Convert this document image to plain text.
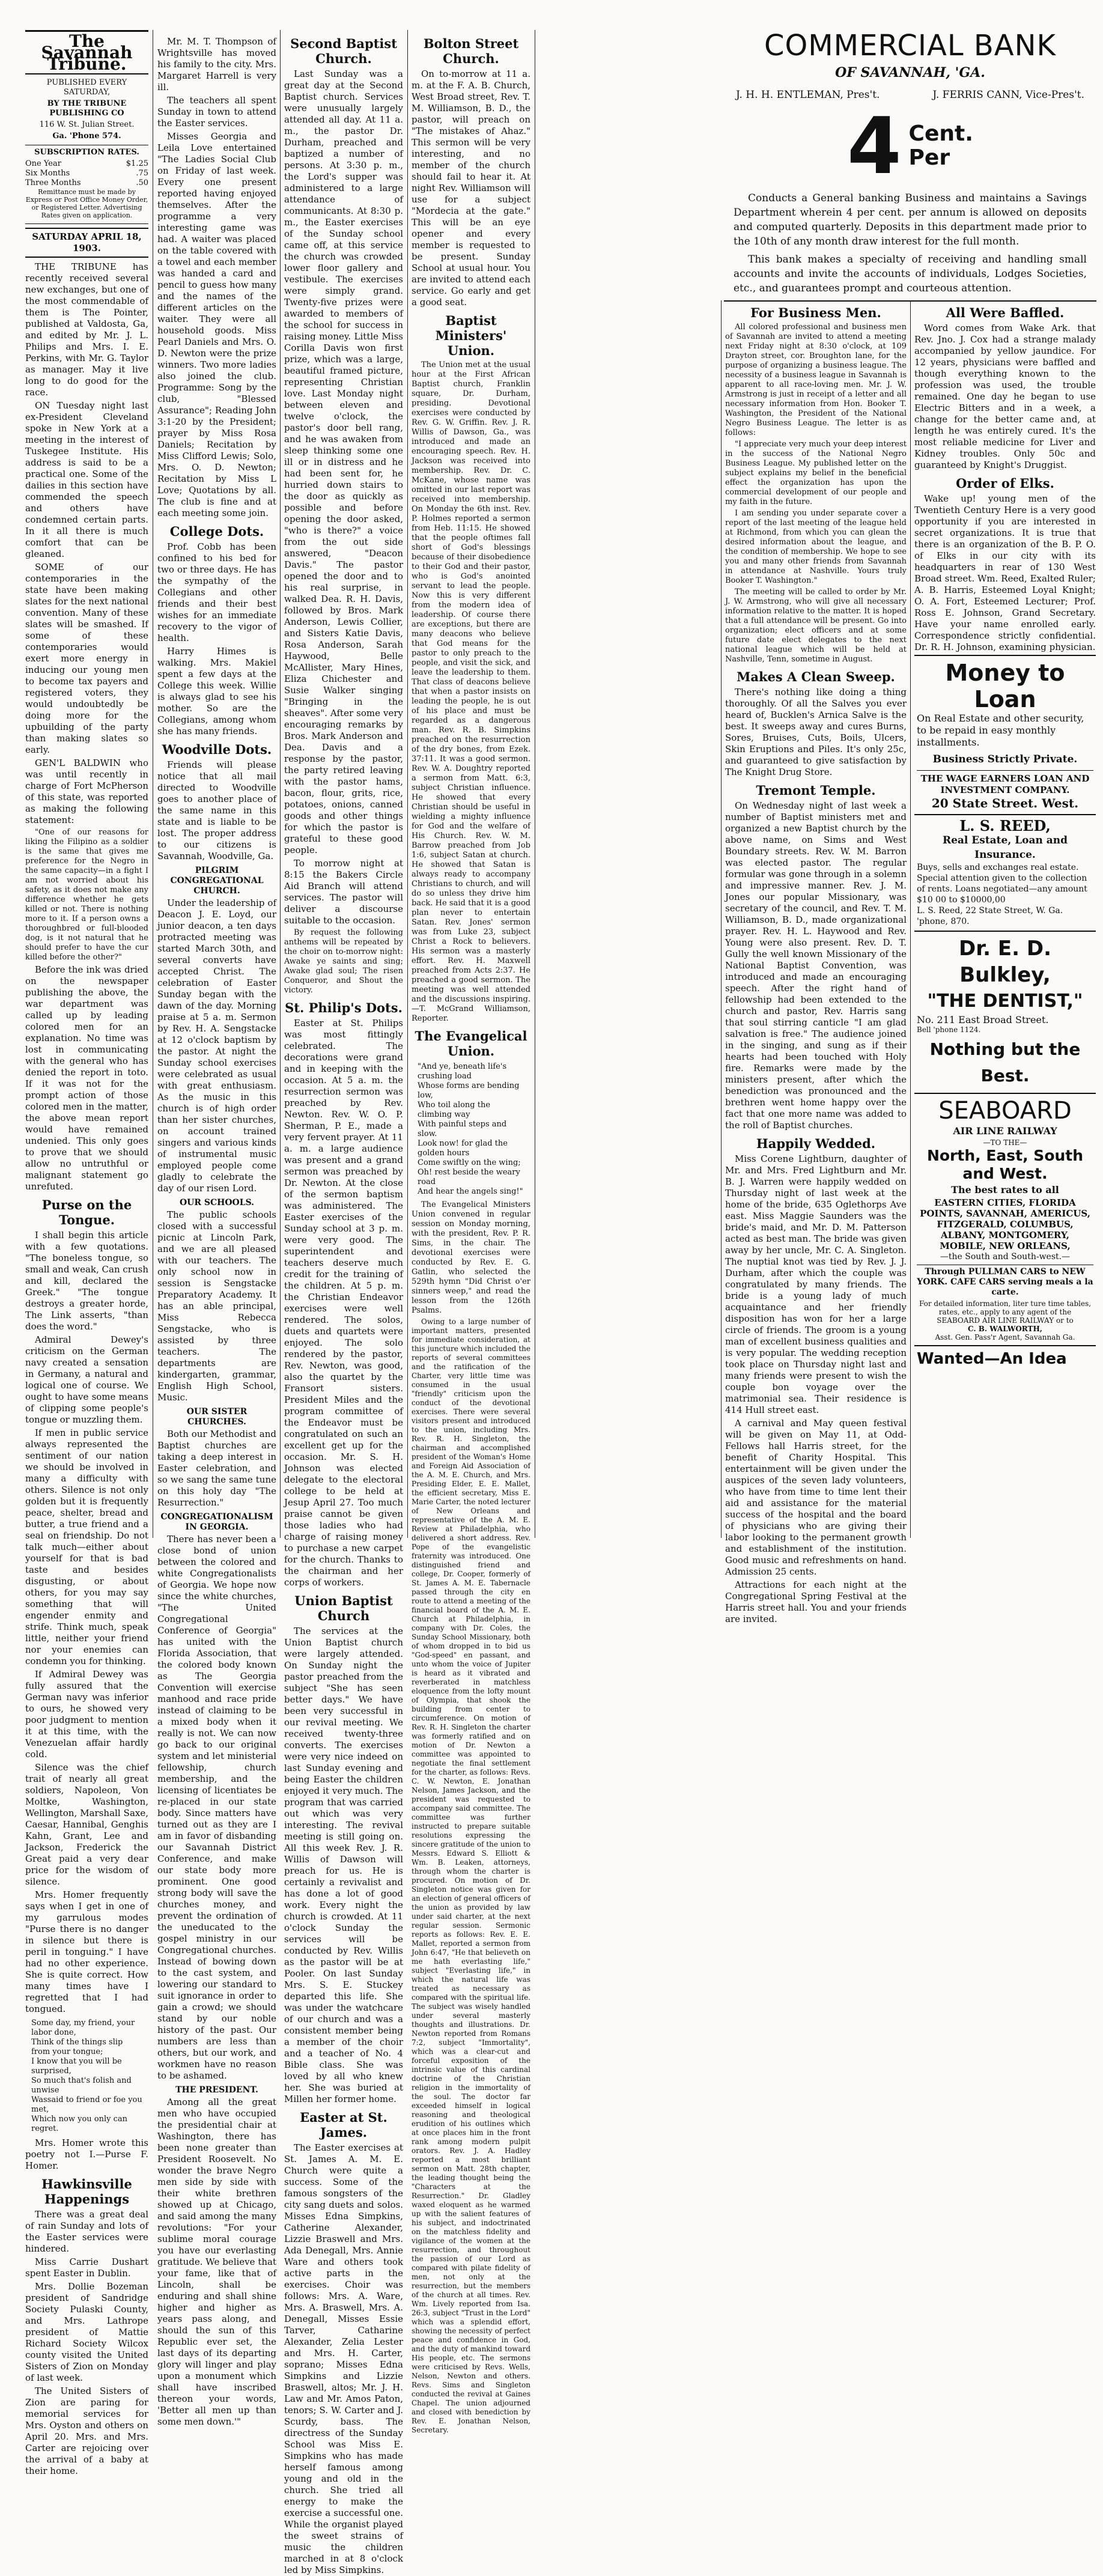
The Savannah Tribune.

PUBLISHED EVERY SATURDAY,

BY THE TRIBUNE PUBLISHING CO

116 W. St. Julian Street.

Ga. 'Phone 574.

SUBSCRIPTION RATES.

One Year	$1.25
Six Months	.75
Three Months	.50

Remittance must be made by Express or Post Office Money Order, or Registered Letter. Advertising Rates given on application.

SATURDAY APRIL 18, 1903.

THE TRIBUNE has recently received several new exchanges, but one of the most commendable of them is The Pointer, published at Valdosta, Ga, and edited by Mr. J. L. Philips and Mrs. I. E. Perkins, with Mr. G. Taylor as manager. May it live long to do good for the race.

ON Tuesday night last ex-President Cleveland spoke in New York at a meeting in the interest of Tuskegee Institute. His address is said to be a practical one. Some of the dailies in this section have commended the speech and others have condemned certain parts. In it all there is much comfort that can be gleaned.

SOME of our contemporaries in the state have been making slates for the next national convention. Many of these slates will be smashed. If some of these contemporaries would exert more energy in inducing our young men to become tax payers and registered voters, they would undoubtedly be doing more for the upbuilding of the party than making slates so early.

GEN'L BALDWIN who was until recently in charge of Fort McPherson of this state, was reported as making the following statement:

"One of our reasons for liking the Filipino as a soldier is the same that gives me preference for the Negro in the same capacity—in a fight I am not worried about his safety, as it does not make any difference whether he gets killed or not. There is nothing more to it. If a person owns a thoroughbred or full-blooded dog, is it not natural that he should prefer to have the cur killed before the other?"

Before the ink was dried on the newspaper publishing the above, the war department was called up by leading colored men for an explanation. No time was lost in communicating with the general who has denied the report in toto. If it was not for the prompt action of those colored men in the matter, the above mean report would have remained undenied. This only goes to prove that we should allow no untruthful or malignant statement go unrefuted.

Purse on the Tongue.

I shall begin this article with a few quotations. "The boneless tongue, so small and weak, Can crush and kill, declared the Greek." "The tongue destroys a greater horde, The Link asserts, "than does the word."

Admiral Dewey's criticism on the German navy created a sensation in Germany, a natural and logical one of course. We ought to have some means of clipping some people's tongue or muzzling them.

If men in public service always represented the sentiment of our nation we should be involved in many a difficulty with others. Silence is not only golden but it is frequently peace, shelter, bread and butter, a true friend and a seal on friendship. Do not talk much—either about yourself for that is bad taste and besides disgusting, or about others, for you may say something that will engender enmity and strife. Think much, speak little, neither your friend nor your enemies can condemn you for thinking.

If Admiral Dewey was fully assured that the German navy was inferior to ours, he showed very poor judgment to mention it at this time, with the Venezuelan affair hardly cold.

Silence was the chief trait of nearly all great soldiers, Napoleon, Von Moltke, Washington, Wellington, Marshall Saxe, Caesar, Hannibal, Genghis Kahn, Grant, Lee and Jackson, Frederick the Great paid a very dear price for the wisdom of silence.

Mrs. Homer frequently says when I get in one of my garrulous modes "Purse there is no danger in silence but there is peril in tonguing." I have had no other experience. She is quite correct. How many times have I regretted that I had tongued.

Some day, my friend, your labor done,
Think of the things slip from your tongue;
I know that you will be surprised,
So much that's folish and unwise
Wassaid to friend or foe you met,
Which now you only can regret.

Mrs. Homer wrote this poetry not I.—Purse F. Homer.

Hawkinsville Happenings

There was a great deal of rain Sunday and lots of the Easter services were hindered.

Miss Carrie Dushart spent Easter in Dublin.

Mrs. Dollie Bozeman president of Sandridge Society Pulaski County, and Mrs. Lathrope president of Mattie Richard Society Wilcox county visited the United Sisters of Zion on Monday of last week.

The United Sisters of Zion are paring for memorial services for Mrs. Oyston and others on April 20. Mrs. and Mrs. Carter are rejoicing over the arrival of a baby at their home.

Mr. M. T. Thompson of Wrightsville has moved his family to the city. Mrs. Margaret Harrell is very ill.

The teachers all spent Sunday in town to attend the Easter services.

Misses Georgia and Leila Love entertained "The Ladies Social Club on Friday of last week. Every one present reported having enjoyed themselves. After the programme a very interesting game was had. A waiter was placed on the table covered with a towel and each member was handed a card and pencil to guess how many and the names of the different articles on the waiter. They were all household goods. Miss Pearl Daniels and Mrs. O. D. Newton were the prize winners. Two more ladies also joined the club. Programme: Song by the club, "Blessed Assurance"; Reading John 3:1-20 by the President; prayer by Miss Rosa Daniels; Recitation by Miss Clifford Lewis; Solo, Mrs. O. D. Newton; Recitation by Miss L Love; Quotations by all. The club is fine and at each meeting some join.

College Dots.

Prof. Cobb has been confined to his bed for two or three days. He has the sympathy of the Collegians and other friends and their best wishes for an immediate recovery to the vigor of health.

Harry Himes is walking. Mrs. Makiel spent a few days at the College this week. Willie is always glad to see his mother. So are the Collegians, among whom she has many friends.

Woodville Dots.

Friends will please notice that all mail directed to Woodville goes to another place of the same name in this state and is liable to be lost. The proper address to our citizens is Savannah, Woodville, Ga.

PILGRIM CONGREGATIONAL CHURCH.

Under the leadership of Deacon J. E. Loyd, our junior deacon, a ten days protracted meeting was started March 30th, and several converts have accepted Christ. The celebration of Easter Sunday began with the dawn of the day. Morning praise at 5 a. m. Sermon by Rev. H. A. Sengstacke at 12 o'clock baptism by the pastor. At night the Sunday school exercises were celebrated as usual with great enthusiasm. As the music in this church is of high order than her sister churches, on account trained singers and various kinds of instrumental music employed people come gladly to celebrate the day of our risen Lord.

OUR SCHOOLS.

The public schools closed with a successful picnic at Lincoln Park, and we are all pleased with our teachers. The only school now in session is Sengstacke Preparatory Academy. It has an able principal, Miss Rebecca Sengstacke, who is assisted by three teachers. The departments are kindergarten, grammar, English High School, Music.

OUR SISTER CHURCHES.

Both our Methodist and Baptist churches are taking a deep interest in Easter celebration, and so we sang the same tune on this holy day "The Resurrection."

CONGREGATIONALISM IN GEORGIA.

There has never been a close bond of union between the colored and white Congregationalists of Georgia. We hope now since the white churches, "The United Congregational Conference of Georgia" has united with the Florida Association, that the colored body known as The Georgia Convention will exercise manhood and race pride instead of claiming to be a mixed body when it really is not. We can now go back to our original system and let ministerial fellowship, church membership, and the licensing of licentiates be re-placed in our state body. Since matters have turned out as they are I am in favor of disbanding our Savannah District Conference, and make our state body more prominent. One good strong body will save the churches money, and prevent the ordination of the uneducated to the gospel ministry in our Congregational churches. Instead of bowing down to the cast system, and lowering our standard to suit ignorance in order to gain a crowd; we should stand by our noble history of the past. Our numbers are less than others, but our work, and workmen have no reason to be ashamed.

THE PRESIDENT.

Among all the great men who have occupied the presidential chair at Washington, there has been none greater than President Roosevelt. No wonder the brave Negro men side by side with their white brethren showed up at Chicago, and said among the many revolutions: "For your sublime moral courage you have our everlasting gratitude. We believe that your fame, like that of Lincoln, shall be enduring and shall shine higher and higher as years pass along, and should the sun of this Republic ever set, the last days of its departing glory will linger and play upon a monument which shall have inscribed thereon your words, 'Better all men up than some men down.'"

Second Baptist Church.

Last Sunday was a great day at the Second Baptist church. Services were unusually largely attended all day. At 11 a. m., the pastor Dr. Durham, preached and baptized a number of persons. At 3:30 p. m., the Lord's supper was administered to a large attendance of communicants. At 8:30 p. m., the Easter exercises of the Sunday school came off, at this service the church was crowded lower floor gallery and vestibule. The exercises were simply grand. Twenty-five prizes were awarded to members of the school for success in raising money. Little Miss Corilla Davis won first prize, which was a large, beautiful framed picture, representing Christian love. Last Monday night between eleven and twelve o'clock, the pastor's door bell rang, and he was awaken from sleep thinking some one ill or in distress and he had been sent for, he hurried down stairs to the door as quickly as possible and before opening the door asked, "who is there?" a voice from the out side answered, "Deacon Davis." The pastor opened the door and to his real surprise, in walked Dea. R. H. Davis, followed by Bros. Mark Anderson, Lewis Collier, and Sisters Katie Davis, Rosa Anderson, Sarah Haywood, Belle McAllister, Mary Hines, Eliza Chichester and Susie Walker singing "Bringing in the sheaves". After some very encouraging remarks by Bros. Mark Anderson and Dea. Davis and a response by the pastor, the party retired leaving with the pastor hams, bacon, flour, grits, rice, potatoes, onions, canned goods and other things for which the pastor is grateful to these good people.

To morrow night at 8:15 the Bakers Circle Aid Branch will attend services. The pastor will deliver a discourse suitable to the occasion.

By request the following anthems will be repeated by the choir on to-morrow night: Awake ye saints and sing; Awake glad soul; The risen Conqueror, and Shout the victory.

St. Philip's Dots.

Easter at St. Philips was most fittingly celebrated. The decorations were grand and in keeping with the occasion. At 5 a. m. the resurrection sermon was preached by Rev. Newton. Rev. W. O. P. Sherman, P. E., made a very fervent prayer. At 11 a. m. a large audience was present and a grand sermon was preached by Dr. Newton. At the close of the sermon baptism was administered. The Easter exercises of the Sunday school at 3 p. m. were very good. The superintendent and teachers deserve much credit for the training of the children. At 5 p. m. the Christian Endeavor exercises were well rendered. The solos, duets and quartets were enjoyed. The solo rendered by the pastor, Rev. Newton, was good, also the quartet by the Fransort sisters. President Miles and the program committee of the Endeavor must be congratulated on such an excellent get up for the occasion. Mr. S. H. Johnson was elected delegate to the electoral college to be held at Jesup April 27. Too much praise cannot be given those ladies who had charge of raising money to purchase a new carpet for the church. Thanks to the chairman and her corps of workers.

Union Baptist Church

The services at the Union Baptist church were largely attended. On Sunday night the pastor preached from the subject "She has seen better days." We have been very successful in our revival meeting. We received twenty-three converts. The exercises were very nice indeed on last Sunday evening and being Easter the children enjoyed it very much. The program that was carried out which was very interesting. The revival meeting is still going on. All this week Rev. J. R. Willis of Dawson will preach for us. He is certainly a revivalist and has done a lot of good work. Every night the church is crowded. At 11 o'clock Sunday the services will be conducted by Rev. Willis as the pastor will be at Pooler. On last Sunday Mrs. S. E. Stuckey departed this life. She was under the watchcare of our church and was a consistent member being a member of the choir and a teacher of No. 4 Bible class. She was loved by all who knew her. She was buried at Millen her former home.

Easter at St. James.

The Easter exercises at St. James A. M. E. Church were quite a success. Some of the famous songsters of the city sang duets and solos. Misses Edna Simpkins, Catherine Alexander, Lizzie Braswell and Mrs. Ada Denegall, Mrs. Annie Ware and others took active parts in the exercises. Choir was follows: Mrs. A. Ware, Mrs. A. Braswell, Mrs. A. Denegall, Misses Essie Tarver, Catharine Alexander, Zelia Lester and Mrs. H. Carter, soprano; Misses Edna Simpkins and Lizzie Braswell, altos; Mr. J. H. Law and Mr. Amos Paton, tenors; S. W. Carter and J. Scurdy, bass. The directress of the Sunday School was Miss E. Simpkins who has made herself famous among young and old in the church. She tried all energy to make the exercise a successful one. While the organist played the sweet strains of music the children marched in at 8 o'clock led by Miss Simpkins.

Bolton Street Church.

On to-morrow at 11 a. m. at the F. A. B. Church, West Broad street, Rev. T. M. Williamson, B. D., the pastor, will preach on "The mistakes of Ahaz." This sermon will be very interesting, and no member of the church should fail to hear it. At night Rev. Williamson will use for a subject "Mordecia at the gate." This will be an eye opener and every member is requested to be present. Sunday School at usual hour. You are invited to attend each service. Go early and get a good seat.

Baptist Ministers' Union.

The Union met at the usual hour at the First African Baptist church, Franklin square, Dr. Durham, presiding. Devotional exercises were conducted by Rev. G. W. Griffin. Rev. J. R. Willis of Dawson, Ga., was introduced and made an encouraging speech. Rev. H. Jackson was received into membership. Rev. Dr. C. McKane, whose name was omitted in our last report was received into membership. On Monday the 6th inst. Rev. P. Holmes reported a sermon from Heb. 11:15. He showed that the people oftimes fall short of God's blessings because of their disobedience to their God and their pastor, who is God's anointed servant to lead the people. Now this is very different from the modern idea of leadership. Of course there are exceptions, but there are many deacons who believe that God means for the pastor to only preach to the people, and visit the sick, and leave the leadership to them. That class of deacons believe that when a pastor insists on leading the people, he is out of his place and must be regarded as a dangerous man. Rev. R. B. Simpkins preached on the resurrection of the dry bones, from Ezek. 37:11. It was a good sermon. Rev. W. A. Doughtry reported a sermon from Matt. 6:3, subject Christian influence. He showed that every Christian should be useful in wielding a mighty influence for God and the welfare of His Church. Rev. W. M. Barrow preached from Job 1:6, subject Satan at church. He showed that Satan is always ready to accompany Christians to church, and will do so unless they drive him back. He said that it is a good plan never to entertain Satan. Rev. Jones' sermon was from Luke 23, subject Christ a Rock to believers. His sermon was a masterly effort. Rev. H. Maxwell preached from Acts 2:37. He preached a good sermon. The meeting was well attended and the discussions inspiring.—T. McGrand Williamson, Reporter.

The Evangelical Union.
"And ye, beneath life's crushing load
Whose forms are bending low,
Who toil along the climbing way
With painful steps and slow.
Look now! for glad the golden hours
Come swiftly on the wing;
Oh! rest beside the weary road
And hear the angels sing!"

The Evangelical Ministers Union convened in regular session on Monday morning, with the president, Rev. P. R. Sims, in the chair. The devotional exercises were conducted by Rev. E. G. Gatlin, who selected the 529th hymn "Did Christ o'er sinners weep," and read the lesson from the 126th Psalms.

Owing to a large number of important matters, presented for immediate consideration, at this juncture which included the reports of several committees and the ratification of the Charter, very little time was consumed in the usual "friendly" criticism upon the conduct of the devotional exercises. There were several visitors present and introduced to the union, including Mrs. Rev. R. H. Singleton, the chairman and accomplished president of the Woman's Home and Foreign Aid Association of the A. M. E. Church, and Mrs. Presiding Elder, E. E. Mallet, the efficient secretary, Miss E. Marie Carter, the noted lecturer of New Orleans and representative of the A. M. E. Review at Philadelphia, who delivered a short address. Rev. Pope of the evangelistic fraternity was introduced. One distinguished friend and college, Dr. Cooper, formerly of St. James A. M. E. Tabernacle passed through the city en route to attend a meeting of the financial board of the A. M. E. Church at Philadelphia, in company with Dr. Coles, the Sunday School Missionary, both of whom dropped in to bid us "God-speed" en passant, and unto whom the voice of Jupiter is heard as it vibrated and reverberated in matchless eloquence from the lofty mount of Olympia, that shook the building from center to circumference. On motion of Rev. R. H. Singleton the charter was formerly ratified and on motion of Dr. Newton a committee was appointed to negotiate the final settlement for the charter, as follows: Revs. C. W. Newton, E. Jonathan Nelson, James Jackson, and the president was requested to accompany said committee. The committee was further instructed to prepare suitable resolutions expressing the sincere gratitude of the union to Messrs. Edward S. Elliott & Wm. B. Leaken, attorneys, through whom the charter is procured. On motion of Dr. Singleton notice was given for an election of general officers of the union as provided by law under said charter, at the next regular session. Sermonic reports as follows: Rev. E. E. Mallet, reported a sermon from John 6:47, "He that believeth on me hath everlasting life," subject "Everlasting life," in which the natural life was treated as necessary as compared with the spiritual life. The subject was wisely handled under several masterly thoughts and illustrations. Dr. Newton reported from Romans 7:2, subject "Immortality", which was a clear-cut and forceful exposition of the intrinsic value of this cardinal doctrine of the Christian religion in the immortality of the soul. The doctor far exceeded himself in logical reasoning and theological erudition of his outlines which at once places him in the front rank among modern pulpit orators. Rev. J. A. Hadley reported a most brilliant sermon on Matt. 28th chapter, the leading thought being the "Characters at the Resurrection." Dr. Gladley waxed eloquent as he warmed up with the salient features of his subject, and indoctrinated on the matchless fidelity and vigilance of the women at the resurrection, and throughout the passion of our Lord as compared with pilate fidelity of men, not only at the resurrection, but the members of the church at all times. Rev. Wm. Lively reported from Isa. 26:3, subject "Trust in the Lord" which was a splendid effort, showing the necessity of perfect peace and confidence in God, and the duty of mankind toward His people, etc. The sermons were criticised by Revs. Wells, Nelson, Newton and others. Revs. Sims and Singleton conducted the revival at Gaines Chapel. The union adjourned and closed with benediction by Rev. E. Jonathan Nelson, Secretary.

COMMERCIAL BANK
OF SAVANNAH, 'GA.
J. H. H. ENTLEMAN, Pres't.	J. FERRIS CANN, Vice-Pres't.
4 Cent.
Per

Conducts a General banking Business and maintains a Savings Department wherein 4 per cent. per annum is allowed on deposits and computed quarterly. Deposits in this department made prior to the 10th of any month draw interest for the full month.

This bank makes a specialty of receiving and handling small accounts and invite the accounts of individuals, Lodges Societies, etc., and guarantees prompt and courteous attention.

For Business Men.

All colored professional and business men of Savannah are invited to attend a meeting next Friday night at 8:30 o'clock, at 109 Drayton street, cor. Broughton lane, for the purpose of organizing a business league. The necessity of a business league in Savannah is apparent to all race-loving men. Mr. J. W. Armstrong is just in receipt of a letter and all necessary information from Hon. Booker T. Washington, the President of the National Negro Business League. The letter is as follows:

"I appreciate very much your deep interest in the success of the National Negro Business League. My published letter on the subject explains my belief in the beneficial effect the organization has upon the commercial development of our people and my faith in the future.

I am sending you under separate cover a report of the last meeting of the league held at Richmond, from which you can glean the desired information about the league, and the condition of membership. We hope to see you and many other friends from Savannah in attendance at Nashville. Yours truly Booker T. Washington."

The meeting will be called to order by Mr. J. W. Armstrong, who will give all necessary information relative to the matter. It is hoped that a full attendance will be present. Go into organization; elect officers and at some future date elect delegates to the next national league which will be held at Nashville, Tenn, sometime in August.

Makes A Clean Sweep.

There's nothing like doing a thing thoroughly. Of all the Salves you ever heard of, Bucklen's Arnica Salve is the best. It sweeps away and cures Burns, Sores, Bruises, Cuts, Boils, Ulcers, Skin Eruptions and Piles. It's only 25c, and guaranteed to give satisfaction by The Knight Drug Store.

Tremont Temple.

On Wednesday night of last week a number of Baptist ministers met and organized a new Baptist church by the above name, on Sims and West Boundary streets. Rev. W. M. Barron was elected pastor. The regular formular was gone through in a solemn and impressive manner. Rev. J. M. Jones our popular Missionary, was secretary of the council, and Rev. T. M. Williamson, B. D., made organizational prayer. Rev. H. L. Haywood and Rev. Young were also present. Rev. D. T. Gully the well known Missionary of the National Baptist Convention, was introduced and made an encouraging speech. After the right hand of fellowship had been extended to the church and pastor, Rev. Harris sang that soul stirring canticle "I am glad salvation is free." The audience joined in the singing, and sung as if their hearts had been touched with Holy fire. Remarks were made by the ministers present, after which the benediction was pronounced and the brethren went home happy over the fact that one more name was added to the roll of Baptist churches.

Happily Wedded.

Miss Corene Lightburn, daughter of Mr. and Mrs. Fred Lightburn and Mr. B. J. Warren were happily wedded on Thursday night of last week at the home of the bride, 635 Oglethorps Ave east. Miss Maggie Saunders was the bride's maid, and Mr. D. M. Patterson acted as best man. The bride was given away by her uncle, Mr. C. A. Singleton. The nuptial knot was tied by Rev. J. J. Durham, after which the couple was congratulated by many friends. The bride is a young lady of much acquaintance and her friendly disposition has won for her a large circle of friends. The groom is a young man of excellent business qualities and is very popular. The wedding reception took place on Thursday night last and many friends were present to wish the couple bon voyage over the matrimonial sea. Their residence is 414 Hull street east.

A carnival and May queen festival will be given on May 11, at Odd-Fellows hall Harris street, for the benefit of Charity Hospital. This entertainment will be given under the auspices of the seven lady volunteers, who have from time to time lent their aid and assistance for the material success of the hospital and the board of physicians who are giving their labor looking to the permanent growth and establishment of the institution. Good music and refreshments on hand. Admission 25 cents.

Attractions for each night at the Congregational Spring Festival at the Harris street hall. You and your friends are invited.

All Were Baffled.

Word comes from Wake Ark. that Rev. Jno. J. Cox had a strange malady accompanied by yellow jaundice. For 12 years, physicians were baffled and though everything known to the profession was used, the trouble remained. One day he began to use Electric Bitters and in a week, a change for the better came and, at length he was entirely cured. It's the most reliable medicine for Liver and Kidney troubles. Only 50c and guaranteed by Knight's Druggist.

Order of Elks.

Wake up! young men of the Twentieth Century Here is a very good opportunity if you are interested in secret organizations. It is true that there is an organization of the B. P. O. of Elks in our city with its headquarters in rear of 130 West Broad street. Wm. Reed, Exalted Ruler; A. B. Harris, Esteemed Loyal Knight; O. A. Fort, Esteemed Lecturer; Prof. Ross E. Johnson, Grand Secretary. Have your name enrolled early. Correspondence strictly confidential. Dr. R. H. Johnson, examining physician.

Money to Loan
On Real Estate and other security, to be repaid in easy monthly installments.
Business Strictly Private.
THE WAGE EARNERS LOAN AND INVESTMENT COMPANY.
20 State Street. West.
L. S. REED,
Real Estate, Loan and Insurance.
Buys, sells and exchanges real estate. Special attention given to the collection of rents. Loans negotiated—any amount $10 00 to $10000,00
L. S. Reed, 22 State Street, W. Ga. 'phone, 870.
Dr. E. D. Bulkley,
"THE DENTIST,"
No. 211 East Broad Street.
Bell 'phone 1124.
Nothing but the Best.
SEABOARD
AIR LINE RAILWAY
—TO THE—
North, East, South and West.
The best rates to all
EASTERN CITIES, FLORIDA POINTS, SAVANNAH, AMERICUS, FITZGERALD, COLUMBUS, ALBANY, MONTGOMERY, MOBILE, NEW ORLEANS,
—the South and South-west.—
Through PULLMAN CARS to NEW YORK. CAFE CARS serving meals a la carte.
For detailed information, liter ture time tables, rates, etc., apply to any agent of the SEABOARD AIR LINE RAILWAY or to
C. B. WALWORTH,
Asst. Gen. Pass'r Agent, Savannah Ga.
Wanted—An Idea
